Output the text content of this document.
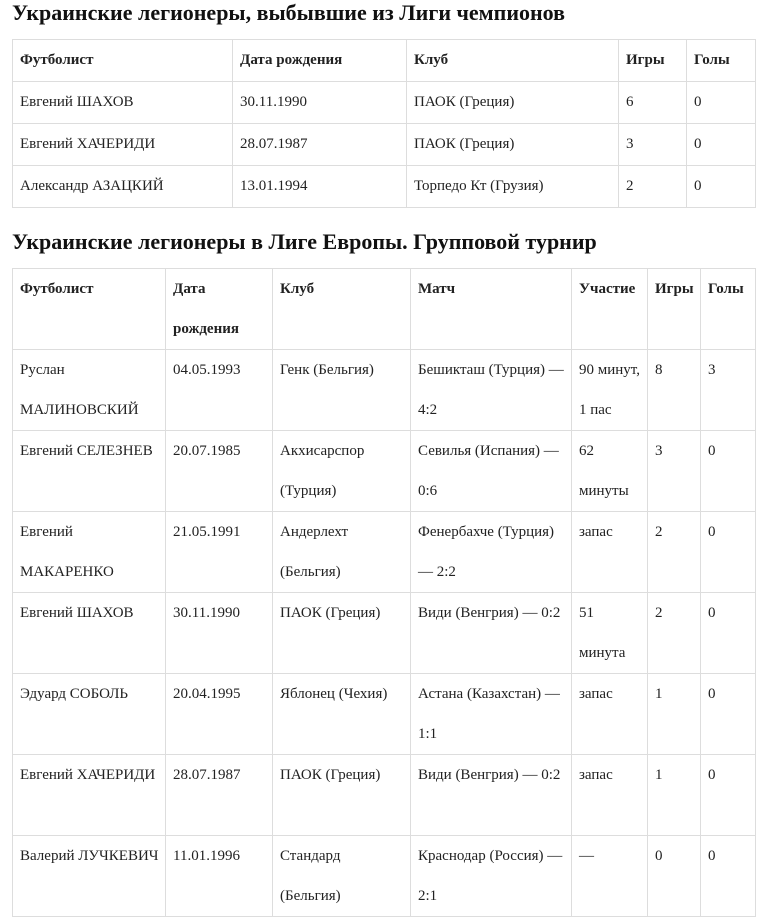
Украинские легионеры, выбывшие из Лиги чемпионов
Футболист	Дата рождения	Клуб	Игры	Голы
Евгений ШАХОВ	30.11.1990	ПАОК (Греция)	6	0
Евгений ХАЧЕРИДИ	28.07.1987	ПАОК (Греция)	3	0
Александр АЗАЦКИЙ	13.01.1994	Торпедо Кт (Грузия)	2	0
Украинские легионеры в Лиге Европы. Групповой турнир
Футболист	Дата рождения	Клуб	Матч	Участие	Игры	Голы
Руслан МАЛИНОВСКИЙ	04.05.1993	Генк (Бельгия)	Бешикташ (Турция) — 4:2	90 минут, 1 пас	8	3
Евгений СЕЛЕЗНЕВ	20.07.1985	Акхисарспор (Турция)	Севилья (Испания) — 0:6	62 минуты	3	0
Евгений МАКАРЕНКО	21.05.1991	Андерлехт (Бельгия)	Фенербахче (Турция) — 2:2	запас	2	0
Евгений ШАХОВ	30.11.1990	ПАОК (Греция)	Види (Венгрия) — 0:2	51 минута	2	0
Эдуард СОБОЛЬ	20.04.1995	Яблонец (Чехия)	Астана (Казахстан) — 1:1	запас	1	0
Евгений ХАЧЕРИДИ	28.07.1987	ПАОК (Греция)	Види (Венгрия) — 0:2	запас	1	0
Валерий ЛУЧКЕВИЧ	11.01.1996	Стандард (Бельгия)	Краснодар (Россия) — 2:1	—	0	0
